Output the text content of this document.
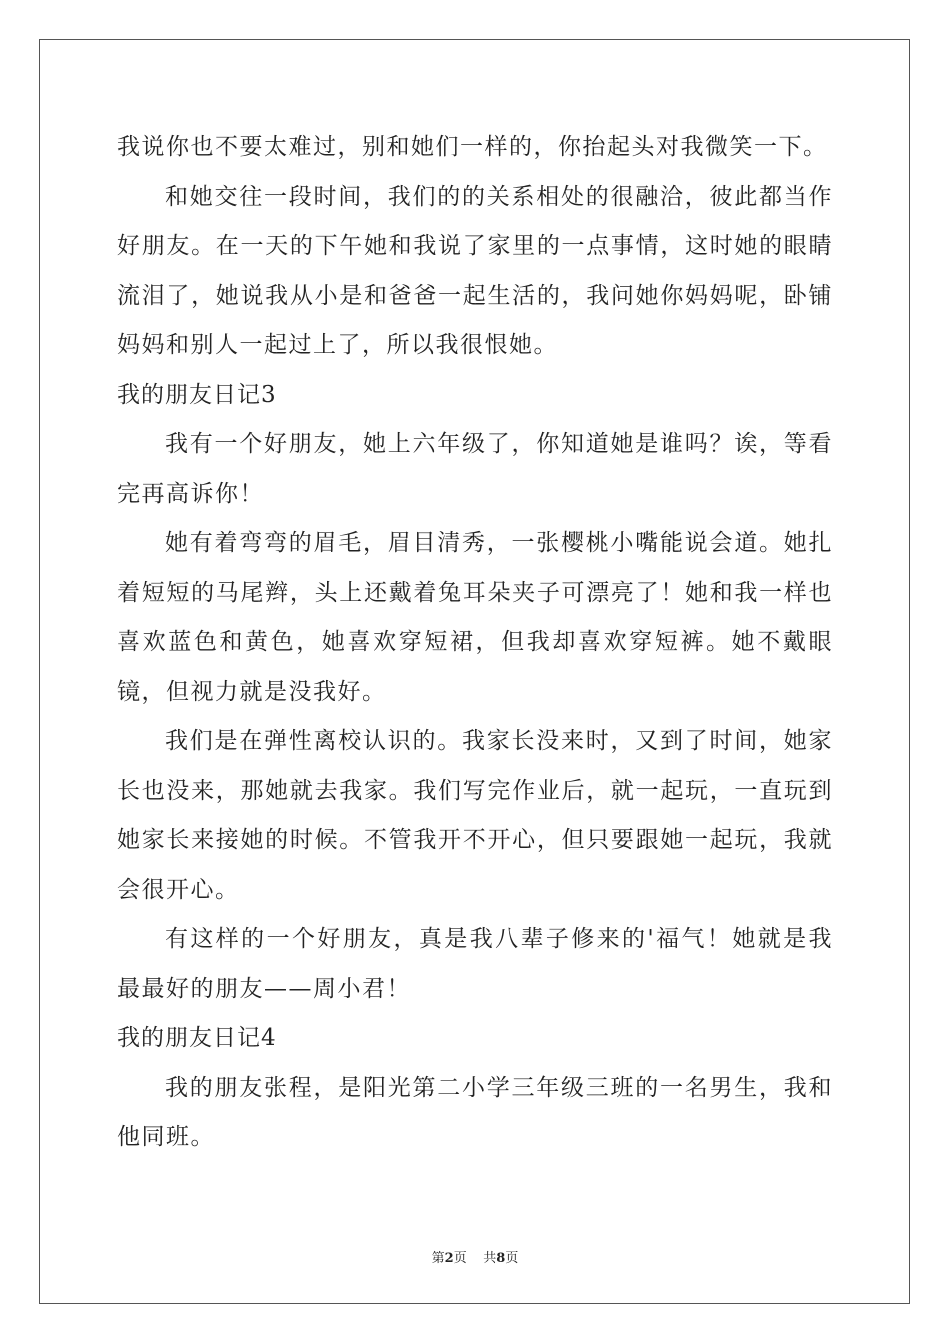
我说你也不要太难过，别和她们一样的，你抬起头对我微笑一下。

和她交往一段时间，我们的的关系相处的很融洽，彼此都当作好朋友。在一天的下午她和我说了家里的一点事情，这时她的眼睛流泪了，她说我从小是和爸爸一起生活的，我问她你妈妈呢，卧铺妈妈和别人一起过上了，所以我很恨她。

我的朋友日记3

我有一个好朋友，她上六年级了，你知道她是谁吗？诶，等看完再高诉你！

她有着弯弯的眉毛，眉目清秀，一张樱桃小嘴能说会道。她扎着短短的马尾辫，头上还戴着兔耳朵夹子可漂亮了！她和我一样也喜欢蓝色和黄色，她喜欢穿短裙，但我却喜欢穿短裤。她不戴眼镜，但视力就是没我好。

我们是在弹性离校认识的。我家长没来时，又到了时间，她家长也没来，那她就去我家。我们写完作业后，就一起玩，一直玩到她家长来接她的时候。不管我开不开心，但只要跟她一起玩，我就会很开心。

有这样的一个好朋友，真是我八辈子修来的'福气！她就是我最最好的朋友——周小君！

我的朋友日记4

我的朋友张程，是阳光第二小学三年级三班的一名男生，我和他同班。

第2页 共8页
